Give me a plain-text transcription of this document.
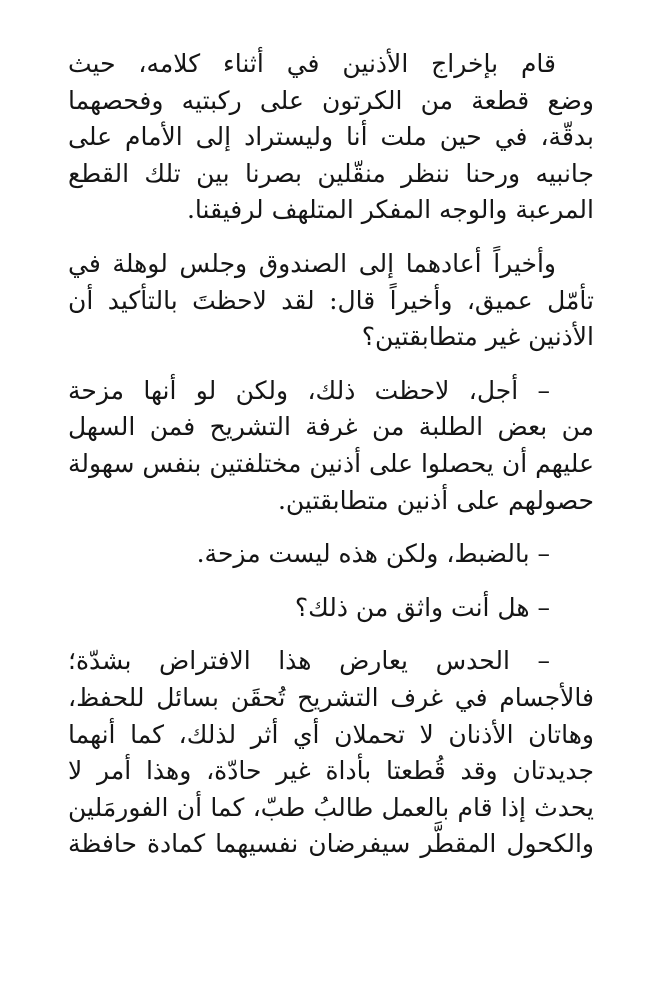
قام بإخراج الأذنين في أثناء كلامه، حيث
وضع قطعة من الكرتون على ركبتيه وفحصهما
بدقّة، في حين ملت أنا وليستراد إلى الأمام على
جانبيه ورحنا ننظر منقّلين بصرنا بين تلك القطع
المرعبة والوجه المفكر المتلهف لرفيقنا.
وأخيراً أعادهما إلى الصندوق وجلس لوهلة في
تأمّل عميق، وأخيراً قال: لقد لاحظتَ بالتأكيد أن
الأذنين غير متطابقتين؟
– أجل، لاحظت ذلك، ولكن لو أنها مزحة
من بعض الطلبة من غرفة التشريح فمن السهل
عليهم أن يحصلوا على أذنين مختلفتين بنفس سهولة
حصولهم على أذنين متطابقتين.
– بالضبط، ولكن هذه ليست مزحة.
– هل أنت واثق من ذلك؟
– الحدس يعارض هذا الافتراض بشدّة؛
فالأجسام في غرف التشريح تُحقَن بسائل للحفظ،
وهاتان الأذنان لا تحملان أي أثر لذلك، كما أنهما
جديدتان وقد قُطعتا بأداة غير حادّة، وهذا أمر لا
يحدث إذا قام بالعمل طالبُ طبّ، كما أن الفورمَلين
والكحول المقطَّر سيفرضان نفسيهما كمادة حافظة
